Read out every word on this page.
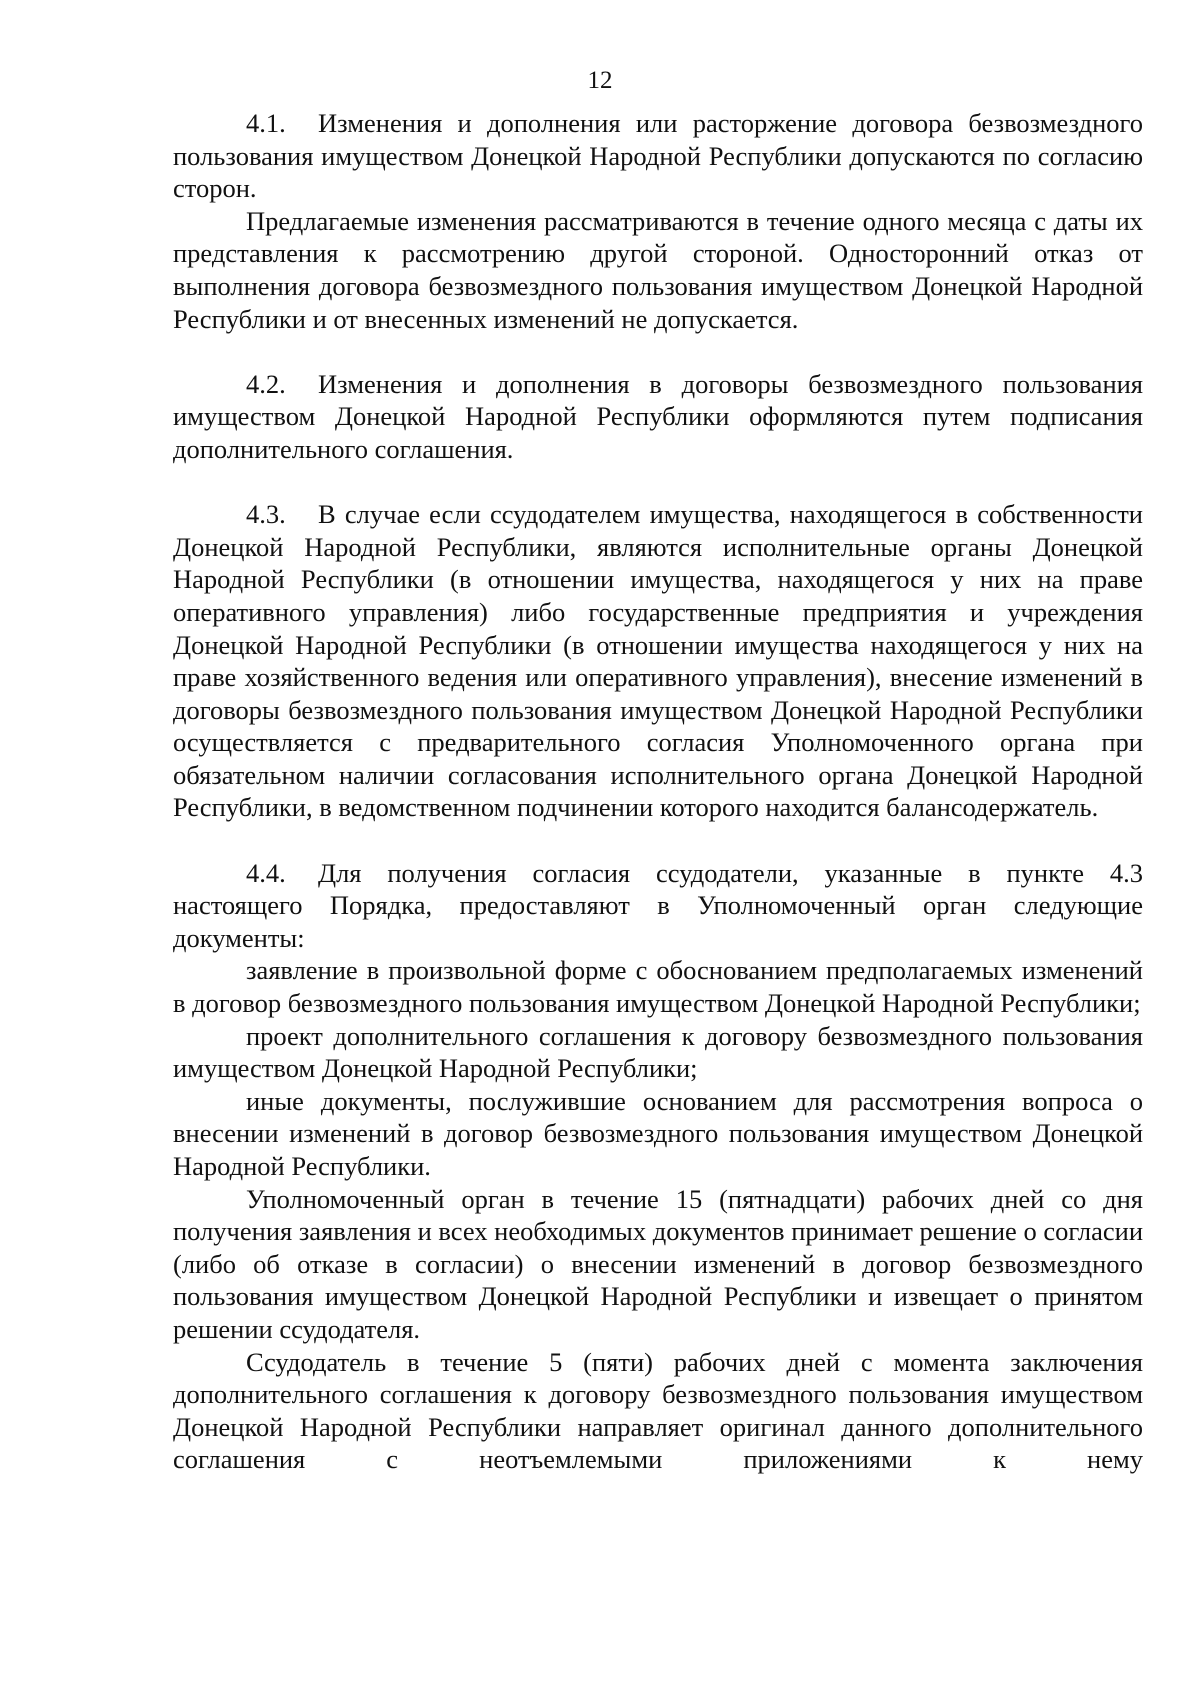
12

4.1. Изменения и дополнения или расторжение договора безвозмездного пользования имуществом Донецкой Народной Республики допускаются по согласию сторон.

Предлагаемые изменения рассматриваются в течение одного месяца с даты их представления к рассмотрению другой стороной. Односторонний отказ от выполнения договора безвозмездного пользования имуществом Донецкой Народной Республики и от внесенных изменений не допускается.

4.2. Изменения и дополнения в договоры безвозмездного пользования имуществом Донецкой Народной Республики оформляются путем подписания дополнительного соглашения.

4.3. В случае если ссудодателем имущества, находящегося в собственности Донецкой Народной Республики, являются исполнительные органы Донецкой Народной Республики (в отношении имущества, находящегося у них на праве оперативного управления) либо государственные предприятия и учреждения Донецкой Народной Республики (в отношении имущества находящегося у них на праве хозяйственного ведения или оперативного управления), внесение изменений в договоры безвозмездного пользования имуществом Донецкой Народной Республики осуществляется с предварительного согласия Уполномоченного органа при обязательном наличии согласования исполнительного органа Донецкой Народной Республики, в ведомственном подчинении которого находится балансодержатель.

4.4. Для получения согласия ссудодатели, указанные в пункте 4.3 настоящего Порядка, предоставляют в Уполномоченный орган следующие документы:

заявление в произвольной форме с обоснованием предполагаемых изменений в договор безвозмездного пользования имуществом Донецкой Народной Республики;

проект дополнительного соглашения к договору безвозмездного пользования имуществом Донецкой Народной Республики;

иные документы, послужившие основанием для рассмотрения вопроса о внесении изменений в договор безвозмездного пользования имуществом Донецкой Народной Республики.

Уполномоченный орган в течение 15 (пятнадцати) рабочих дней со дня получения заявления и всех необходимых документов принимает решение о согласии (либо об отказе в согласии) о внесении изменений в договор безвозмездного пользования имуществом Донецкой Народной Республики и извещает о принятом решении ссудодателя.

Ссудодатель в течение 5 (пяти) рабочих дней с момента заключения дополнительного соглашения к договору безвозмездного пользования имуществом Донецкой Народной Республики направляет оригинал данного дополнительного соглашения с неотъемлемыми приложениями к нему
